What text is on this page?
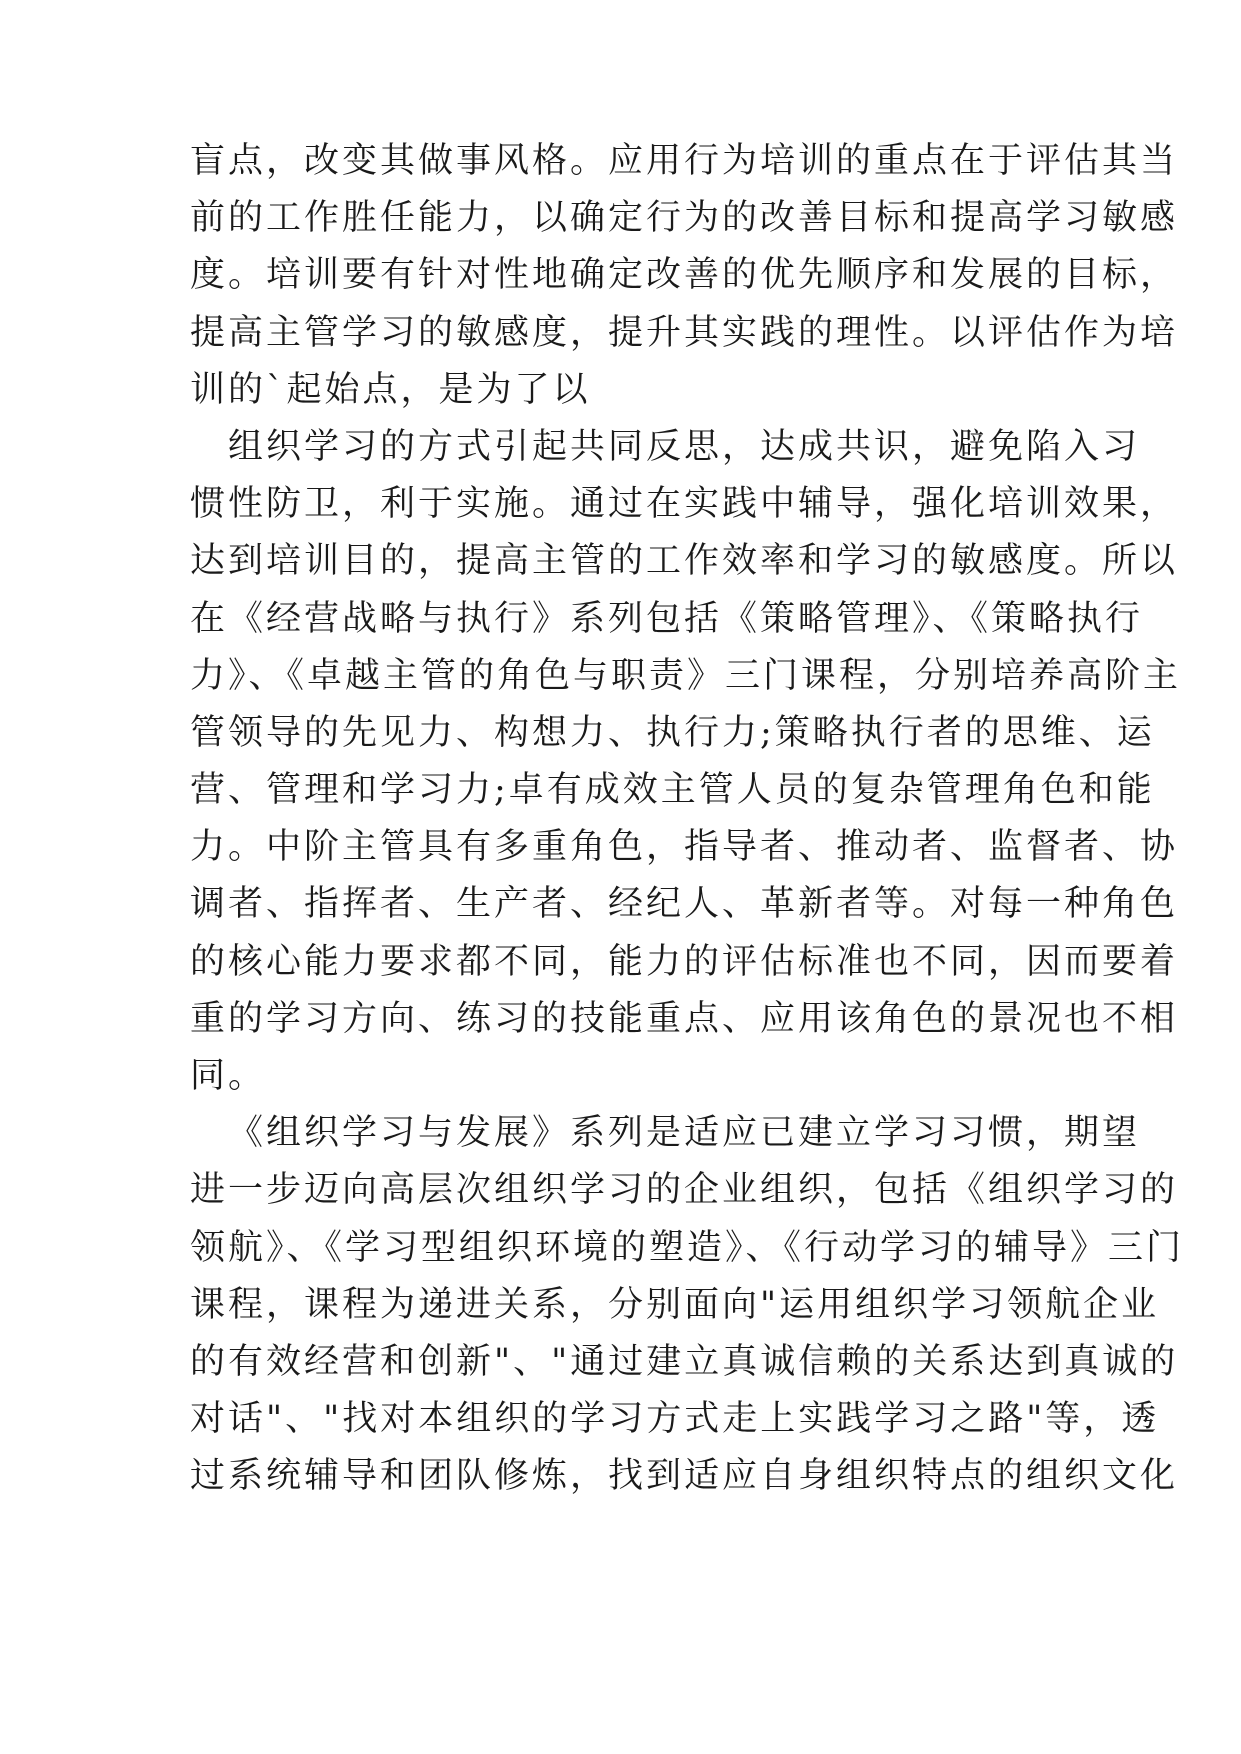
盲点，改变其做事风格。应用行为培训的重点在于评估其当
前的工作胜任能力，以确定行为的改善目标和提高学习敏感
度。培训要有针对性地确定改善的优先顺序和发展的目标，
提高主管学习的敏感度，提升其实践的理性。以评估作为培
训的`起始点，是为了以
组织学习的方式引起共同反思，达成共识，避免陷入习
惯性防卫，利于实施。通过在实践中辅导，强化培训效果，
达到培训目的，提高主管的工作效率和学习的敏感度。所以
在《经营战略与执行》系列包括《策略管理》、《策略执行
力》、《卓越主管的角色与职责》三门课程，分别培养高阶主
管领导的先见力、构想力、执行力;策略执行者的思维、运
营、管理和学习力;卓有成效主管人员的复杂管理角色和能
力。中阶主管具有多重角色，指导者、推动者、监督者、协
调者、指挥者、生产者、经纪人、革新者等。对每一种角色
的核心能力要求都不同，能力的评估标准也不同，因而要着
重的学习方向、练习的技能重点、应用该角色的景况也不相
同。
《组织学习与发展》系列是适应已建立学习习惯，期望
进一步迈向高层次组织学习的企业组织，包括《组织学习的
领航》、《学习型组织环境的塑造》、《行动学习的辅导》三门
课程，课程为递进关系，分别面向"运用组织学习领航企业
的有效经营和创新"、"通过建立真诚信赖的关系达到真诚的
对话"、"找对本组织的学习方式走上实践学习之路"等，透
过系统辅导和团队修炼，找到适应自身组织特点的组织文化
